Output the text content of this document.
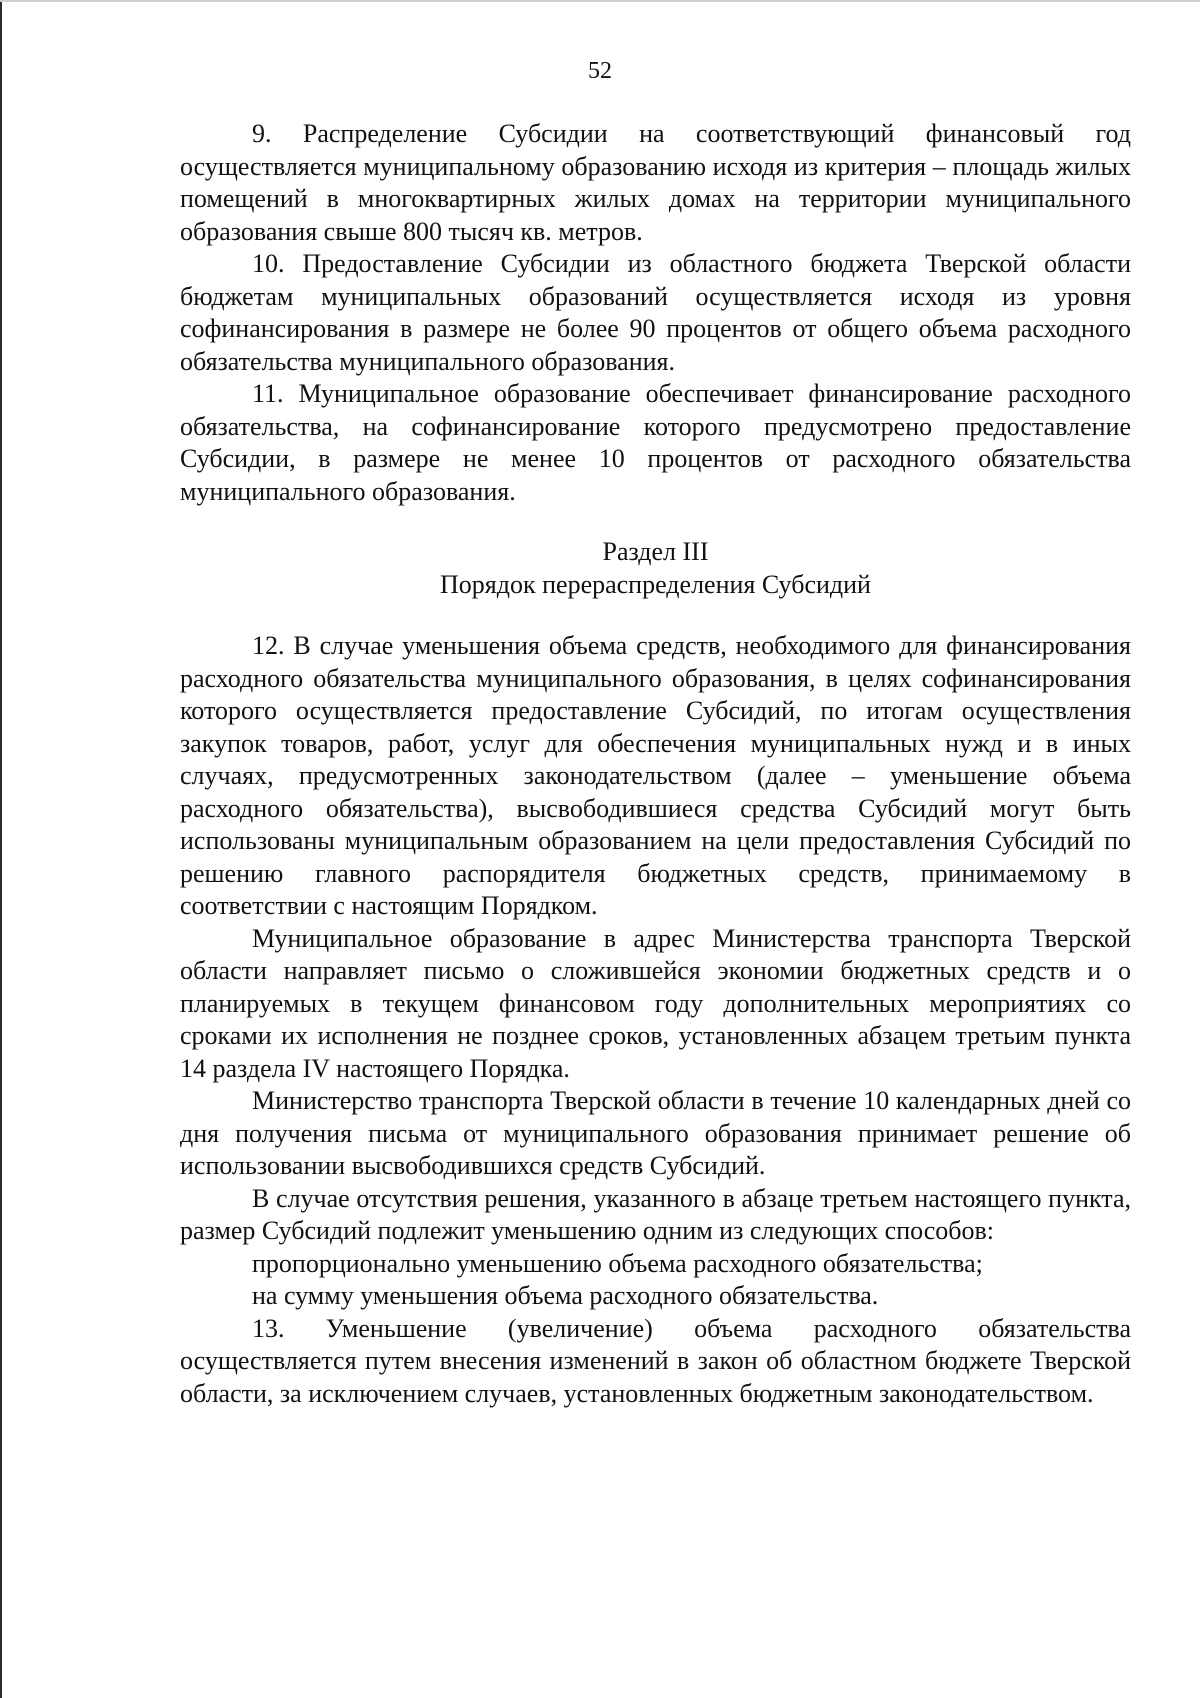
52

9. Распределение Субсидии на соответствующий финансовый год осуществляется муниципальному образованию исходя из критерия – площадь жилых помещений в многоквартирных жилых домах на территории муниципального образования свыше 800 тысяч кв. метров.

10. Предоставление Субсидии из областного бюджета Тверской области бюджетам муниципальных образований осуществляется исходя из уровня софинансирования в размере не более 90 процентов от общего объема расходного обязательства муниципального образования.

11. Муниципальное образование обеспечивает финансирование расходного обязательства, на софинансирование которого предусмотрено предоставление Субсидии, в размере не менее 10 процентов от расходного обязательства муниципального образования.

Раздел III

Порядок перераспределения Субсидий

12. В случае уменьшения объема средств, необходимого для финансирования расходного обязательства муниципального образования, в целях софинансирования которого осуществляется предоставление Субсидий, по итогам осуществления закупок товаров, работ, услуг для обеспечения муниципальных нужд и в иных случаях, предусмотренных законодательством (далее – уменьшение объема расходного обязательства), высвободившиеся средства Субсидий могут быть использованы муниципальным образованием на цели предоставления Субсидий по решению главного распорядителя бюджетных средств, принимаемому в соответствии с настоящим Порядком.

Муниципальное образование в адрес Министерства транспорта Тверской области направляет письмо о сложившейся экономии бюджетных средств и о планируемых в текущем финансовом году дополнительных мероприятиях со сроками их исполнения не позднее сроков, установленных абзацем третьим пункта 14 раздела IV настоящего Порядка.

Министерство транспорта Тверской области в течение 10 календарных дней со дня получения письма от муниципального образования принимает решение об использовании высвободившихся средств Субсидий.

В случае отсутствия решения, указанного в абзаце третьем настоящего пункта, размер Субсидий подлежит уменьшению одним из следующих способов:

пропорционально уменьшению объема расходного обязательства;

на сумму уменьшения объема расходного обязательства.

13. Уменьшение (увеличение) объема расходного обязательства осуществляется путем внесения изменений в закон об областном бюджете Тверской области, за исключением случаев, установленных бюджетным законодательством.
